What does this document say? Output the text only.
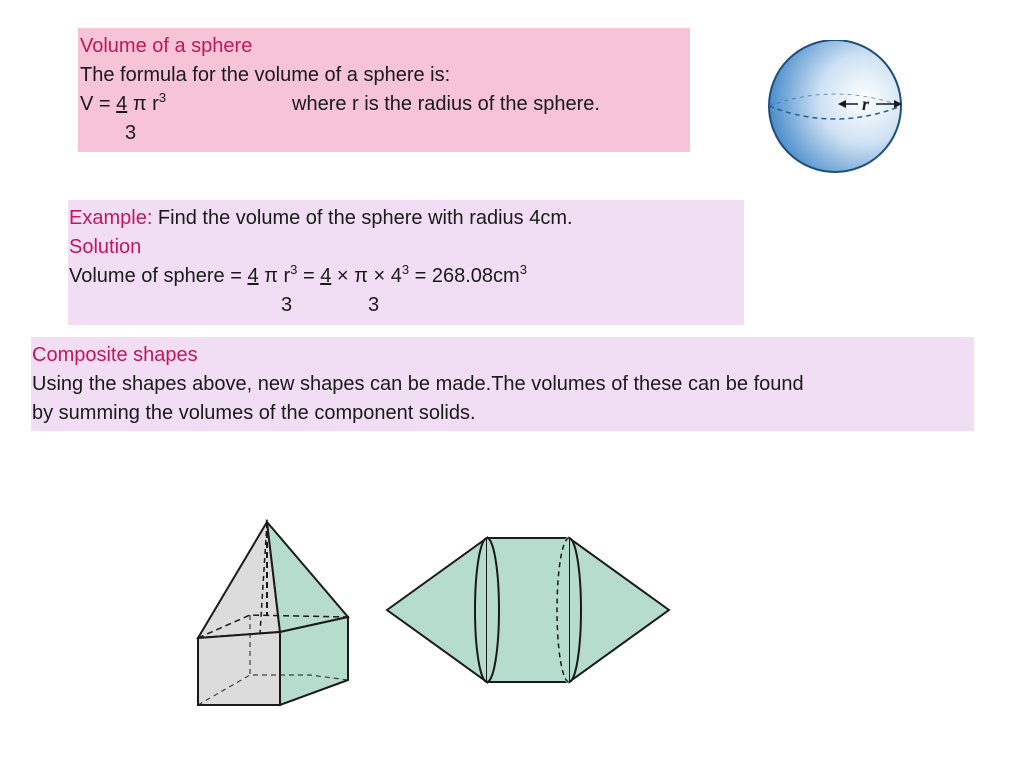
Volume of a sphere
The formula for the volume of a sphere is:
V = 4 π $r^3$	where r is the radius of the sphere.
3
r
Example: Find the volume of the sphere with radius 4cm.
Solution
Volume of sphere = 4 π $r^3 = 4 \times \pi \times 4^3 = 268.08cm^3$
3	3
Composite shapes
Using the shapes above, new shapes can be made.The volumes of these can be found
by summing the volumes of the component solids.
